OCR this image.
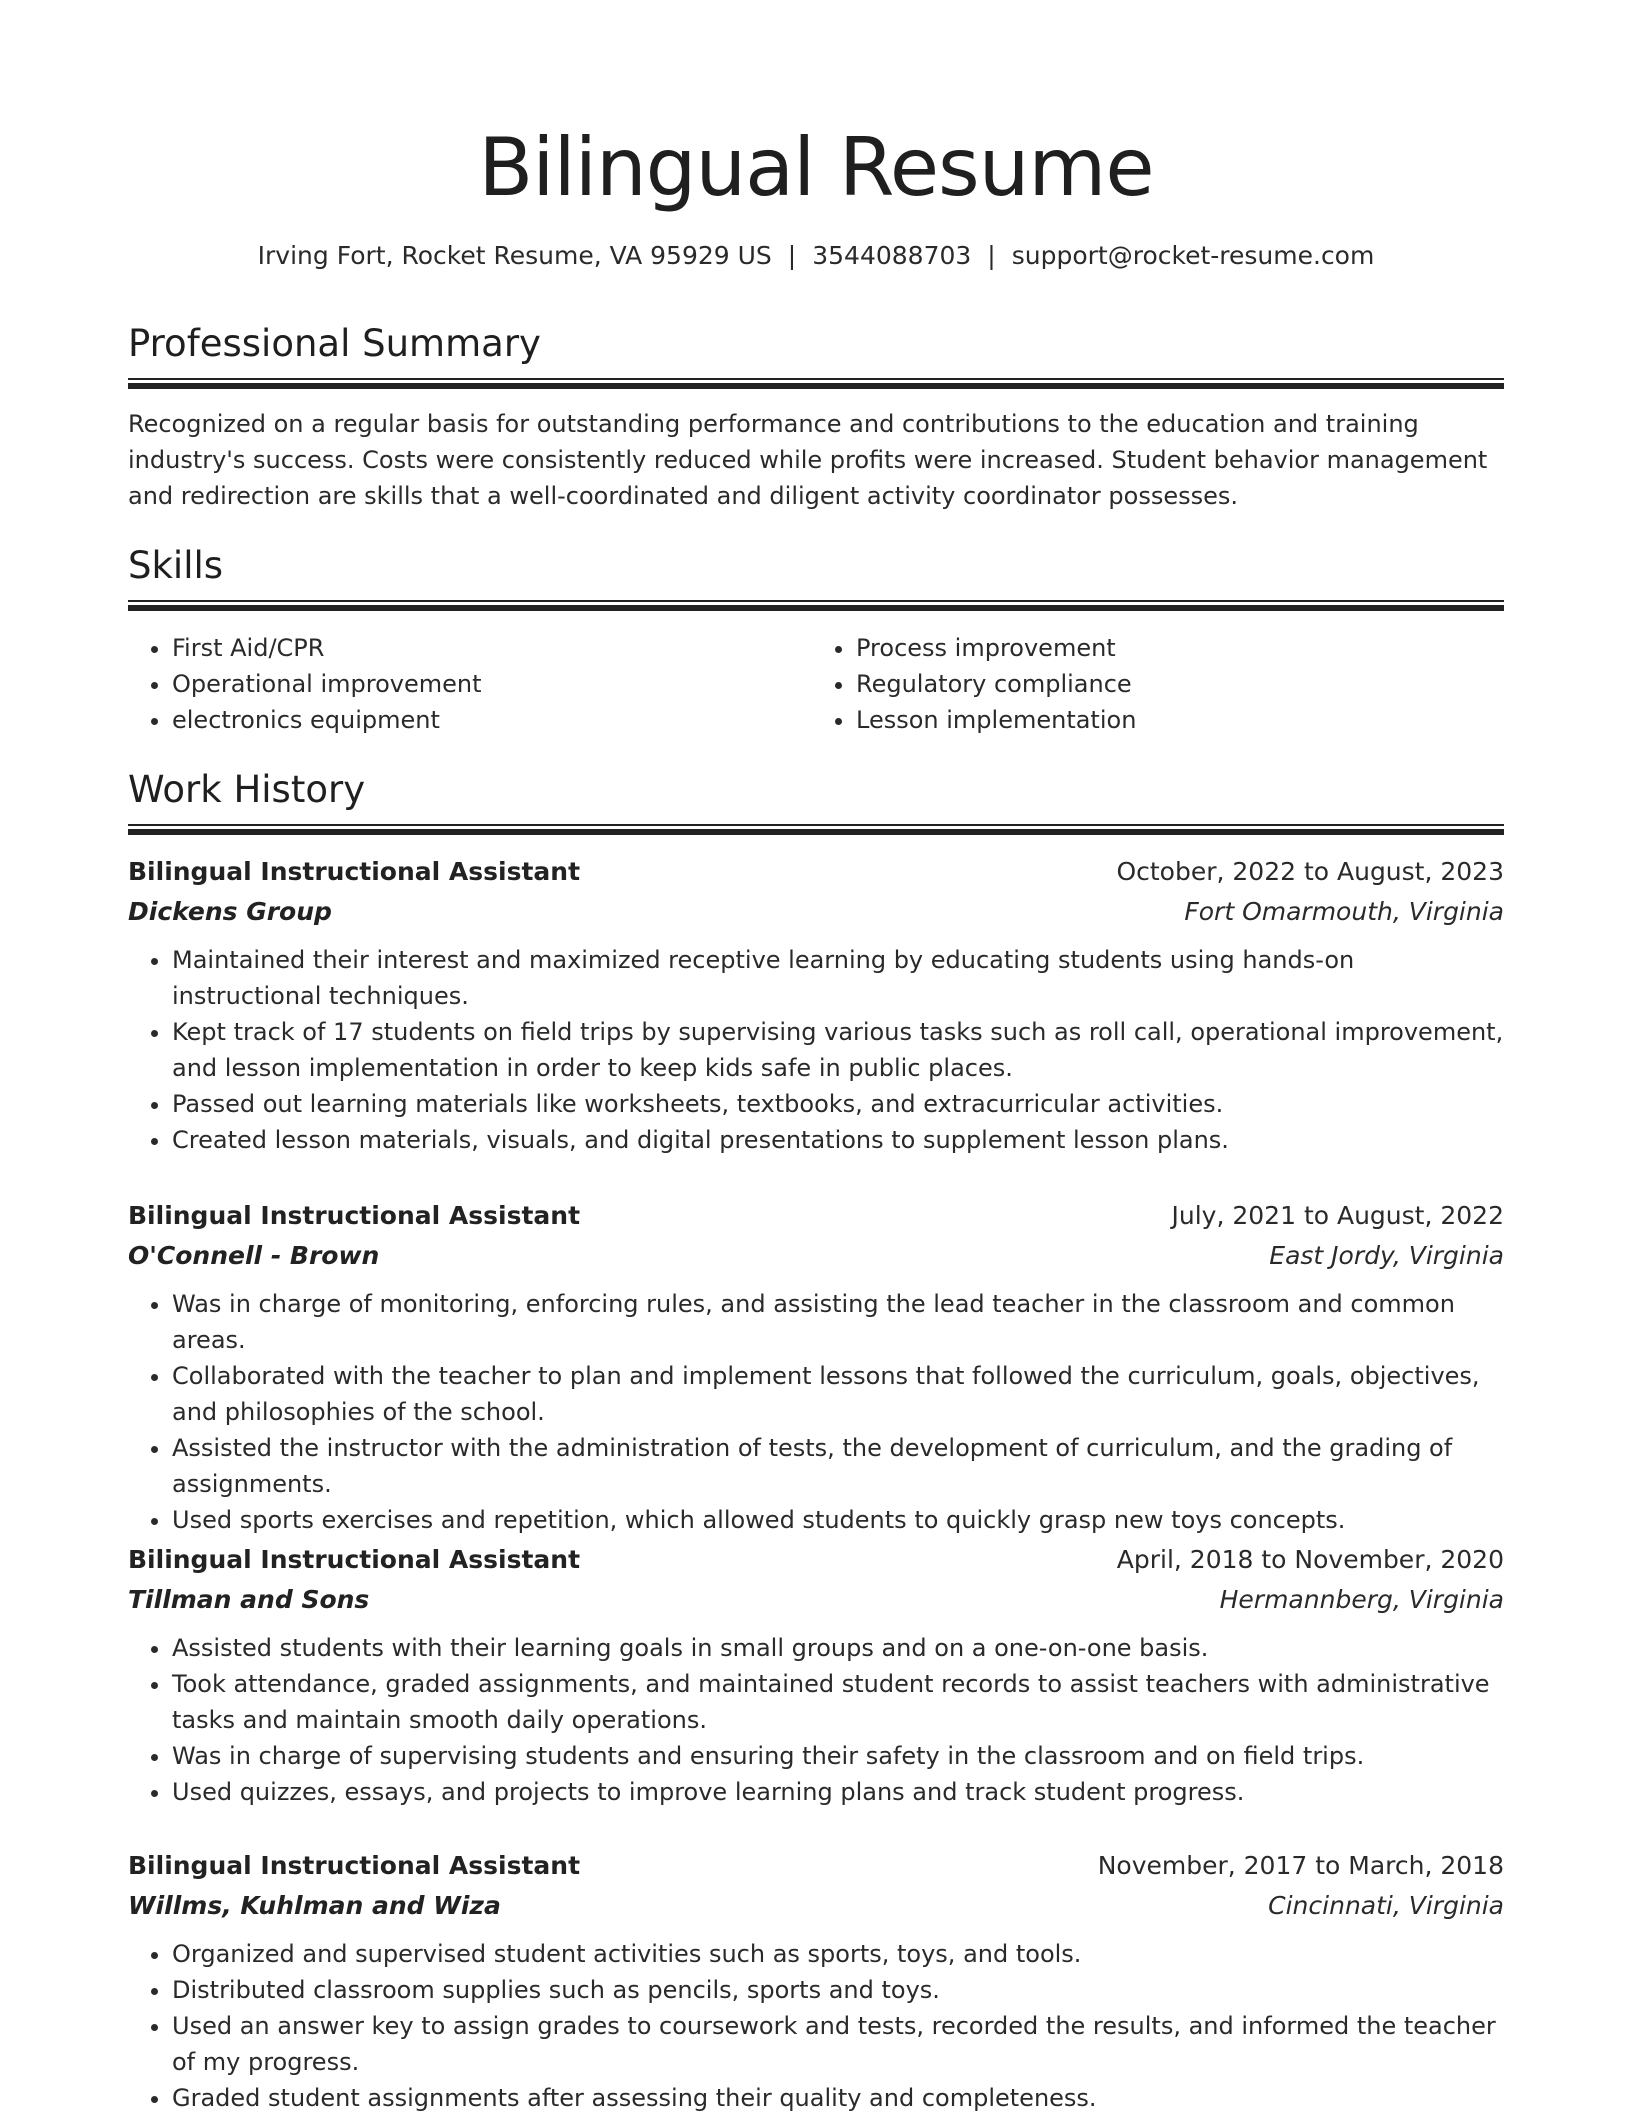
Bilingual Resume
Irving Fort, Rocket Resume, VA 95929 US | 3544088703 | support@rocket-resume.com
Professional Summary

Recognized on a regular basis for outstanding performance and contributions to the education and training industry's success. Costs were consistently reduced while profits were increased. Student behavior management and redirection are skills that a well-coordinated and diligent activity coordinator possesses.

Skills
• First Aid/CPR
• Operational improvement
• electronics equipment
• Process improvement
• Regulatory compliance
• Lesson implementation
Work History
Bilingual Instructional Assistant	October, 2022 to August, 2023
Dickens Group	Fort Omarmouth, Virginia
• Maintained their interest and maximized receptive learning by educating students using hands-on instructional techniques.
• Kept track of 17 students on field trips by supervising various tasks such as roll call, operational improvement, and lesson implementation in order to keep kids safe in public places.
• Passed out learning materials like worksheets, textbooks, and extracurricular activities.
• Created lesson materials, visuals, and digital presentations to supplement lesson plans.
Bilingual Instructional Assistant	July, 2021 to August, 2022
O'Connell - Brown	East Jordy, Virginia
• Was in charge of monitoring, enforcing rules, and assisting the lead teacher in the classroom and common areas.
• Collaborated with the teacher to plan and implement lessons that followed the curriculum, goals, objectives, and philosophies of the school.
• Assisted the instructor with the administration of tests, the development of curriculum, and the grading of assignments.
• Used sports exercises and repetition, which allowed students to quickly grasp new toys concepts.
Bilingual Instructional Assistant	April, 2018 to November, 2020
Tillman and Sons	Hermannberg, Virginia
• Assisted students with their learning goals in small groups and on a one-on-one basis.
• Took attendance, graded assignments, and maintained student records to assist teachers with administrative tasks and maintain smooth daily operations.
• Was in charge of supervising students and ensuring their safety in the classroom and on field trips.
• Used quizzes, essays, and projects to improve learning plans and track student progress.
Bilingual Instructional Assistant	November, 2017 to March, 2018
Willms, Kuhlman and Wiza	Cincinnati, Virginia
• Organized and supervised student activities such as sports, toys, and tools.
• Distributed classroom supplies such as pencils, sports and toys.
• Used an answer key to assign grades to coursework and tests, recorded the results, and informed the teacher of my progress.
• Graded student assignments after assessing their quality and completeness.
